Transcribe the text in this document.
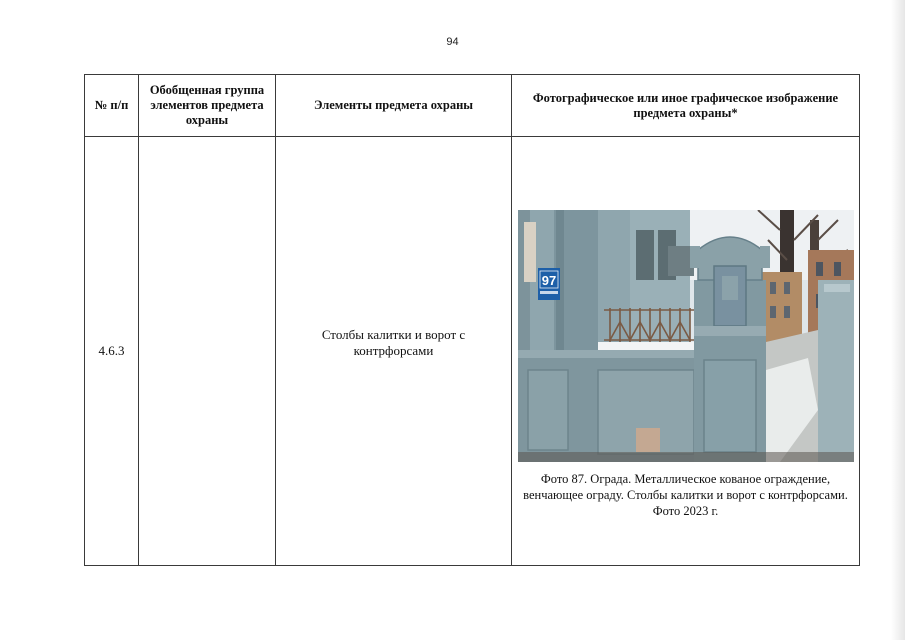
94
№ п/п	Обобщенная группа элементов предмета охраны	Элементы предмета охраны	Фотографическое или иное графическое изображение предмета охраны*
4.6.3		Столбы калитки и ворот с контрфорсами	97
Фото 87. Ограда. Металлическое кованое ограждение, венчающее ограду. Столбы калитки и ворот с контрфорсами. Фото 2023 г.
